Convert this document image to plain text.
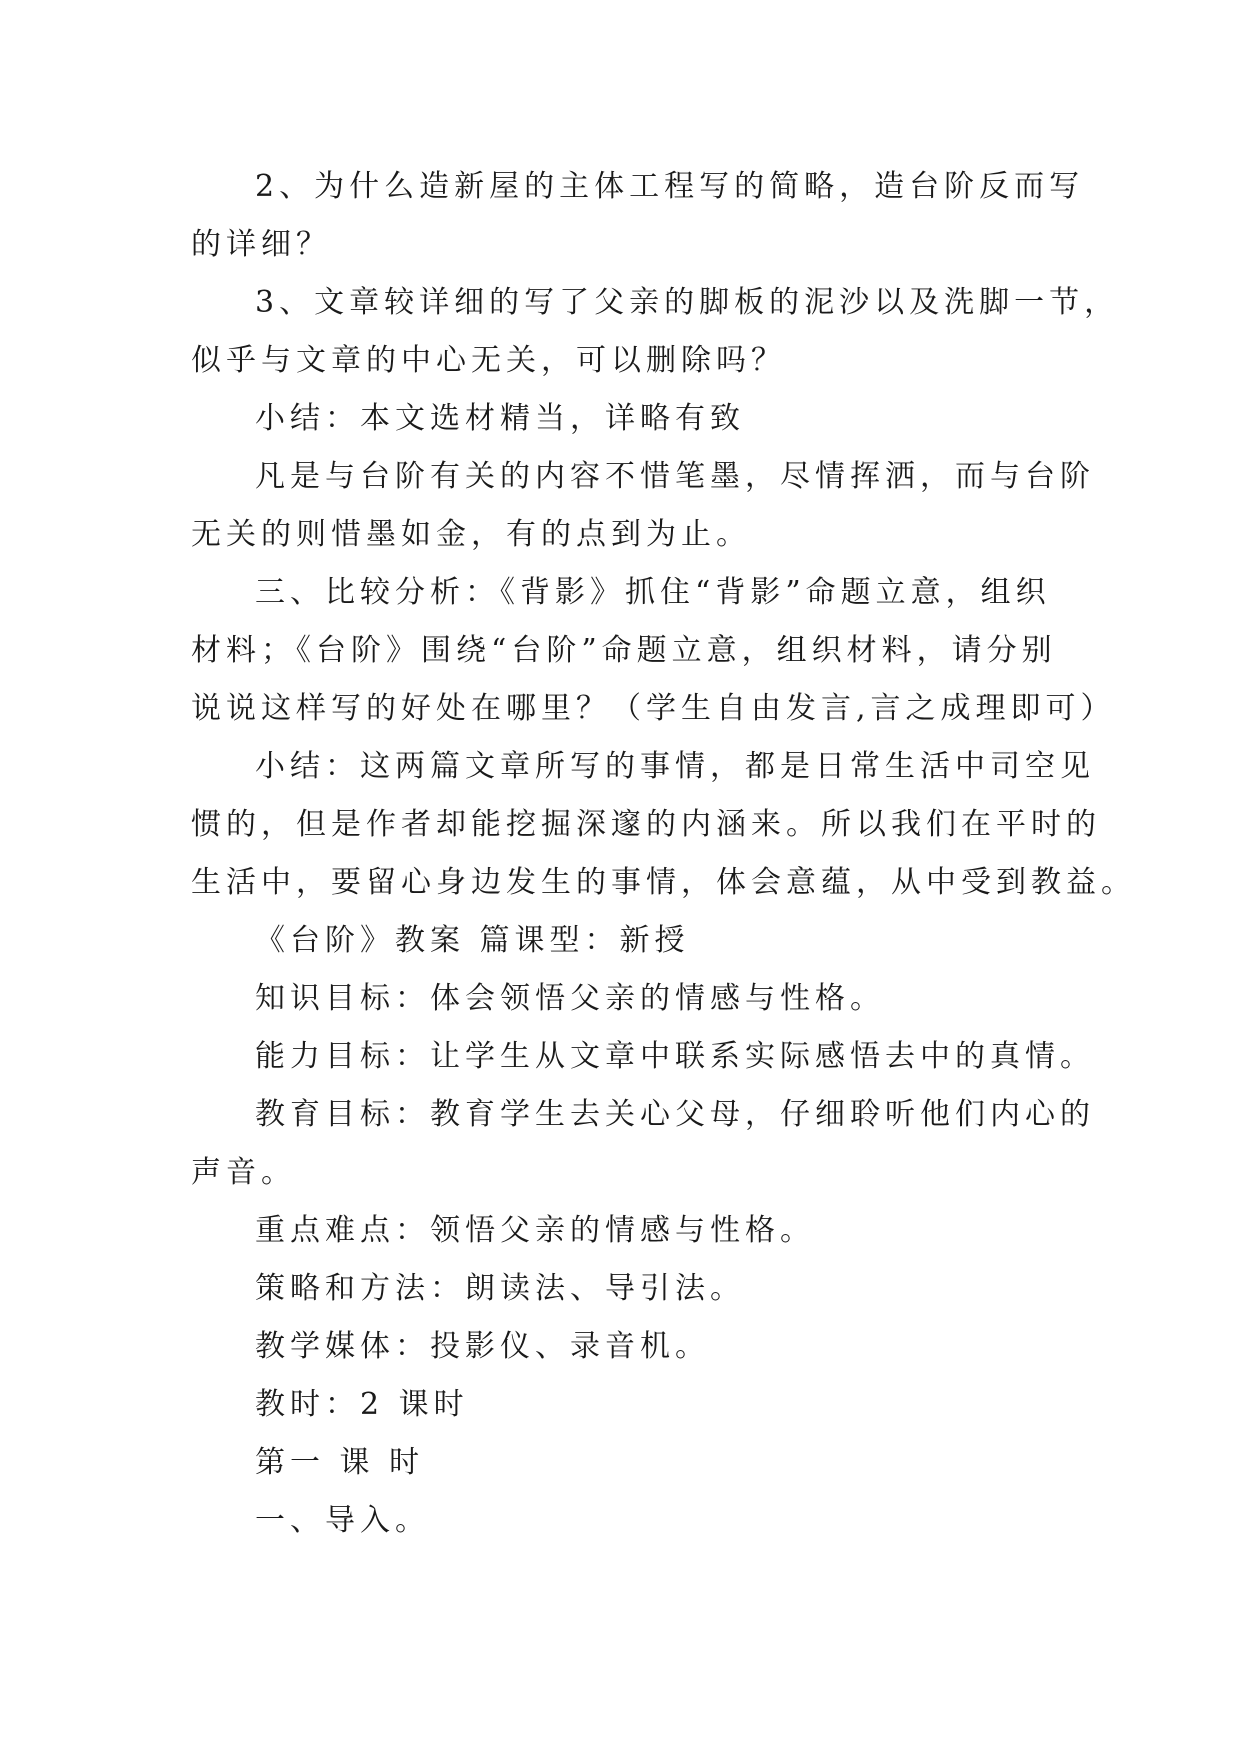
2、为什么造新屋的主体工程写的简略，造台阶反而写

的详细？

3、文章较详细的写了父亲的脚板的泥沙以及洗脚一节，

似乎与文章的中心无关，可以删除吗？

小结：本文选材精当，详略有致

凡是与台阶有关的内容不惜笔墨，尽情挥洒，而与台阶

无关的则惜墨如金，有的点到为止。

三、比较分析：《背影》抓住“背影”命题立意，组织

材料；《台阶》围绕“台阶”命题立意，组织材料，请分别

说说这样写的好处在哪里？（学生自由发言,言之成理即可）

小结：这两篇文章所写的事情，都是日常生活中司空见

惯的，但是作者却能挖掘深邃的内涵来。所以我们在平时的

生活中，要留心身边发生的事情，体会意蕴，从中受到教益。

《台阶》教案 篇课型：新授

知识目标：体会领悟父亲的情感与性格。

能力目标：让学生从文章中联系实际感悟去中的真情。

教育目标：教育学生去关心父母，仔细聆听他们内心的

声音。

重点难点：领悟父亲的情感与性格。

策略和方法：朗读法、导引法。

教学媒体：投影仪、录音机。

教时：2 课时

第一 课 时

一、导入。
